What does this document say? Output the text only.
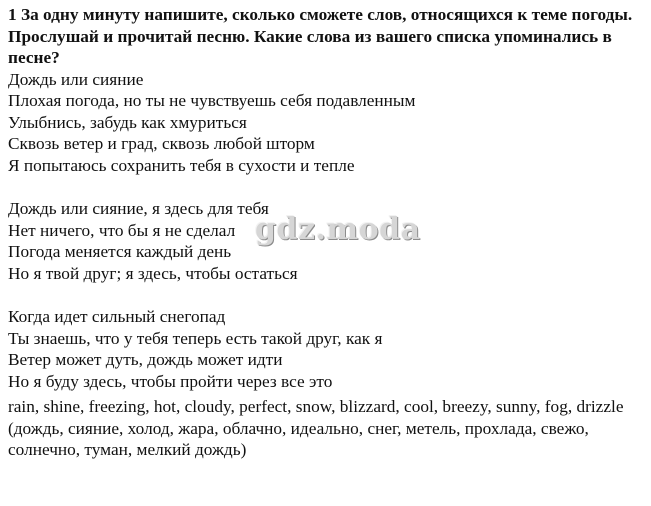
1 За одну минуту напишите, сколько сможете слов, относящихся к теме погоды. Прослушай и прочитай песню. Какие слова из вашего списка упоминались в песне?

Дождь или сияние
Плохая погода, но ты не чувствуешь себя подавленным
Улыбнись, забудь как хмуриться
Сквозь ветер и град, сквозь любой шторм
Я попытаюсь сохранить тебя в сухости и тепле
Дождь или сияние, я здесь для тебя
Нет ничего, что бы я не сделал
Погода меняется каждый день
Но я твой друг; я здесь, чтобы остаться
Когда идет сильный снегопад
Ты знаешь, что у тебя теперь есть такой друг, как я
Ветер может дуть, дождь может идти
Но я буду здесь, чтобы пройти через все это

rain, shine, freezing, hot, cloudy, perfect, snow, blizzard, cool, breezy, sunny, fog, drizzle (дождь, сияние, холод, жара, облачно, идеально, снег, метель, прохлада, свежо, солнечно, туман, мелкий дождь)

gdz.moda
